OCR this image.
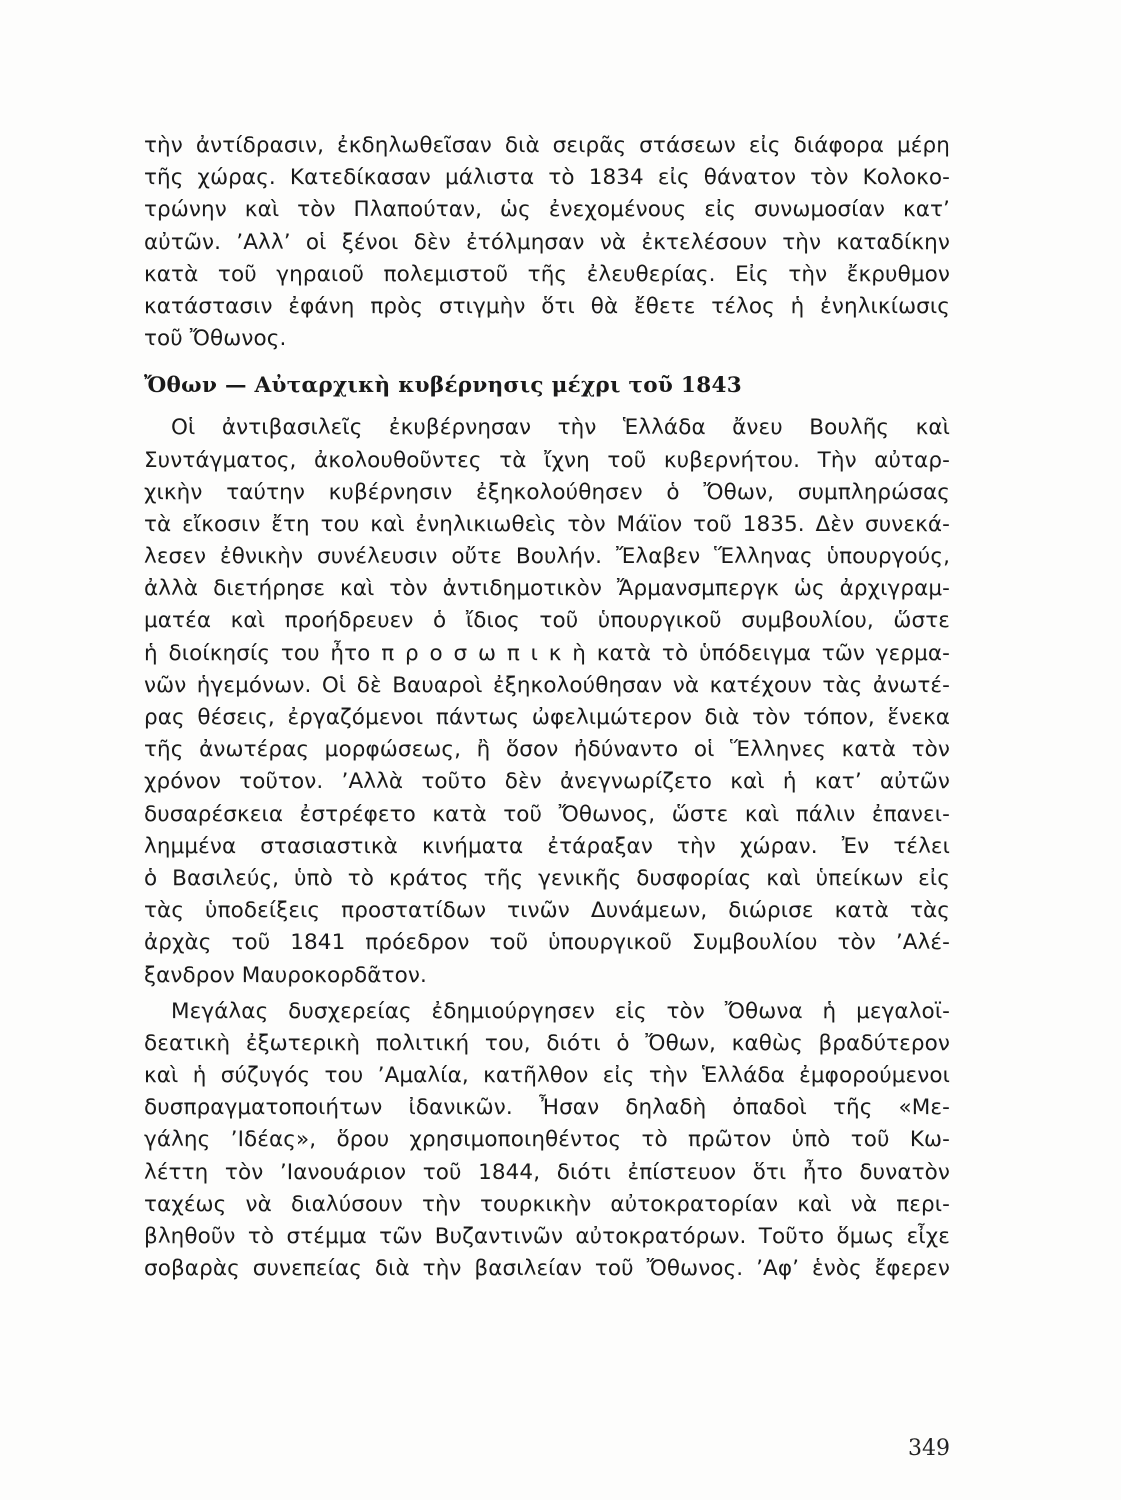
τὴν ἀντίδρασιν, ἐκδηλωθεῖσαν διὰ σειρᾶς στάσεων εἰς διάφορα μέρη
τῆς χώρας. Κατεδίκασαν μάλιστα τὸ 1834 εἰς θάνατον τὸν Κολοκο-
τρώνην καὶ τὸν Πλαπούταν, ὡς ἐνεχομένους εἰς συνωμοσίαν κατ’
αὐτῶν. ’Αλλ’ οἱ ξένοι δὲν ἐτόλμησαν νὰ ἐκτελέσουν τὴν καταδίκην
κατὰ τοῦ γηραιοῦ πολεμιστοῦ τῆς ἐλευθερίας. Εἰς τὴν ἔκρυθμον
κατάστασιν ἐφάνη πρὸς στιγμὴν ὅτι θὰ ἔθετε τέλος ἡ ἐνηλικίωσις
τοῦ Ὄθωνος.
Ὄθων — Αὐταρχικὴ κυβέρνησις μέχρι τοῦ 1843
Οἱ ἀντιβασιλεῖς ἐκυβέρνησαν τὴν Ἑλλάδα ἄνευ Βουλῆς καὶ
Συντάγματος, ἀκολουθοῦντες τὰ ἴχνη τοῦ κυβερνήτου. Τὴν αὐταρ-
χικὴν ταύτην κυβέρνησιν ἐξηκολούθησεν ὁ Ὄθων, συμπληρώσας
τὰ εἴκοσιν ἔτη του καὶ ἐνηλικιωθεὶς τὸν Μάϊον τοῦ 1835. Δὲν συνεκά-
λεσεν ἐθνικὴν συνέλευσιν οὔτε Βουλήν. Ἔλαβεν Ἕλληνας ὑπουργούς,
ἀλλὰ διετήρησε καὶ τὸν ἀντιδημοτικὸν Ἄρμανσμπεργκ ὡς ἀρχιγραμ-
ματέα καὶ προήδρευεν ὁ ἴδιος τοῦ ὑπουργικοῦ συμβουλίου, ὥστε
ἡ διοίκησίς του ἦτο π ρ ο σ ω π ι κ ὴ κατὰ τὸ ὑπόδειγμα τῶν γερμα-
νῶν ἡγεμόνων. Οἱ δὲ Βαυαροὶ ἐξηκολούθησαν νὰ κατέχουν τὰς ἀνωτέ-
ρας θέσεις, ἐργαζόμενοι πάντως ὠφελιμώτερον διὰ τὸν τόπον, ἕνεκα
τῆς ἀνωτέρας μορφώσεως, ἢ ὅσον ἠδύναντο οἱ Ἕλληνες κατὰ τὸν
χρόνον τοῦτον. ’Αλλὰ τοῦτο δὲν ἀνεγνωρίζετο καὶ ἡ κατ’ αὐτῶν
δυσαρέσκεια ἐστρέφετο κατὰ τοῦ Ὄθωνος, ὥστε καὶ πάλιν ἐπανει-
λημμένα στασιαστικὰ κινήματα ἐτάραξαν τὴν χώραν. Ἐν τέλει
ὁ Βασιλεύς, ὑπὸ τὸ κράτος τῆς γενικῆς δυσφορίας καὶ ὑπείκων εἰς
τὰς ὑποδείξεις προστατίδων τινῶν Δυνάμεων, διώρισε κατὰ τὰς
ἀρχὰς τοῦ 1841 πρόεδρον τοῦ ὑπουργικοῦ Συμβουλίου τὸν ’Αλέ-
ξανδρον Μαυροκορδᾶτον.
Μεγάλας δυσχερείας ἐδημιούργησεν εἰς τὸν Ὄθωνα ἡ μεγαλοϊ-
δεατικὴ ἐξωτερικὴ πολιτική του, διότι ὁ Ὄθων, καθὼς βραδύτερον
καὶ ἡ σύζυγός του ’Αμαλία, κατῆλθον εἰς τὴν Ἑλλάδα ἐμφορούμενοι
δυσπραγματοποιήτων ἰδανικῶν. Ἦσαν δηλαδὴ ὀπαδοὶ τῆς «Με-
γάλης ’Ιδέας», ὅρου χρησιμοποιηθέντος τὸ πρῶτον ὑπὸ τοῦ Κω-
λέττη τὸν ’Ιανουάριον τοῦ 1844, διότι ἐπίστευον ὅτι ἦτο δυνατὸν
ταχέως νὰ διαλύσουν τὴν τουρκικὴν αὐτοκρατορίαν καὶ νὰ περι-
βληθοῦν τὸ στέμμα τῶν Βυζαντινῶν αὐτοκρατόρων. Τοῦτο ὅμως εἶχε
σοβαρὰς συνεπείας διὰ τὴν βασιλείαν τοῦ Ὄθωνος. ’Αφ’ ἑνὸς ἔφερεν
349
